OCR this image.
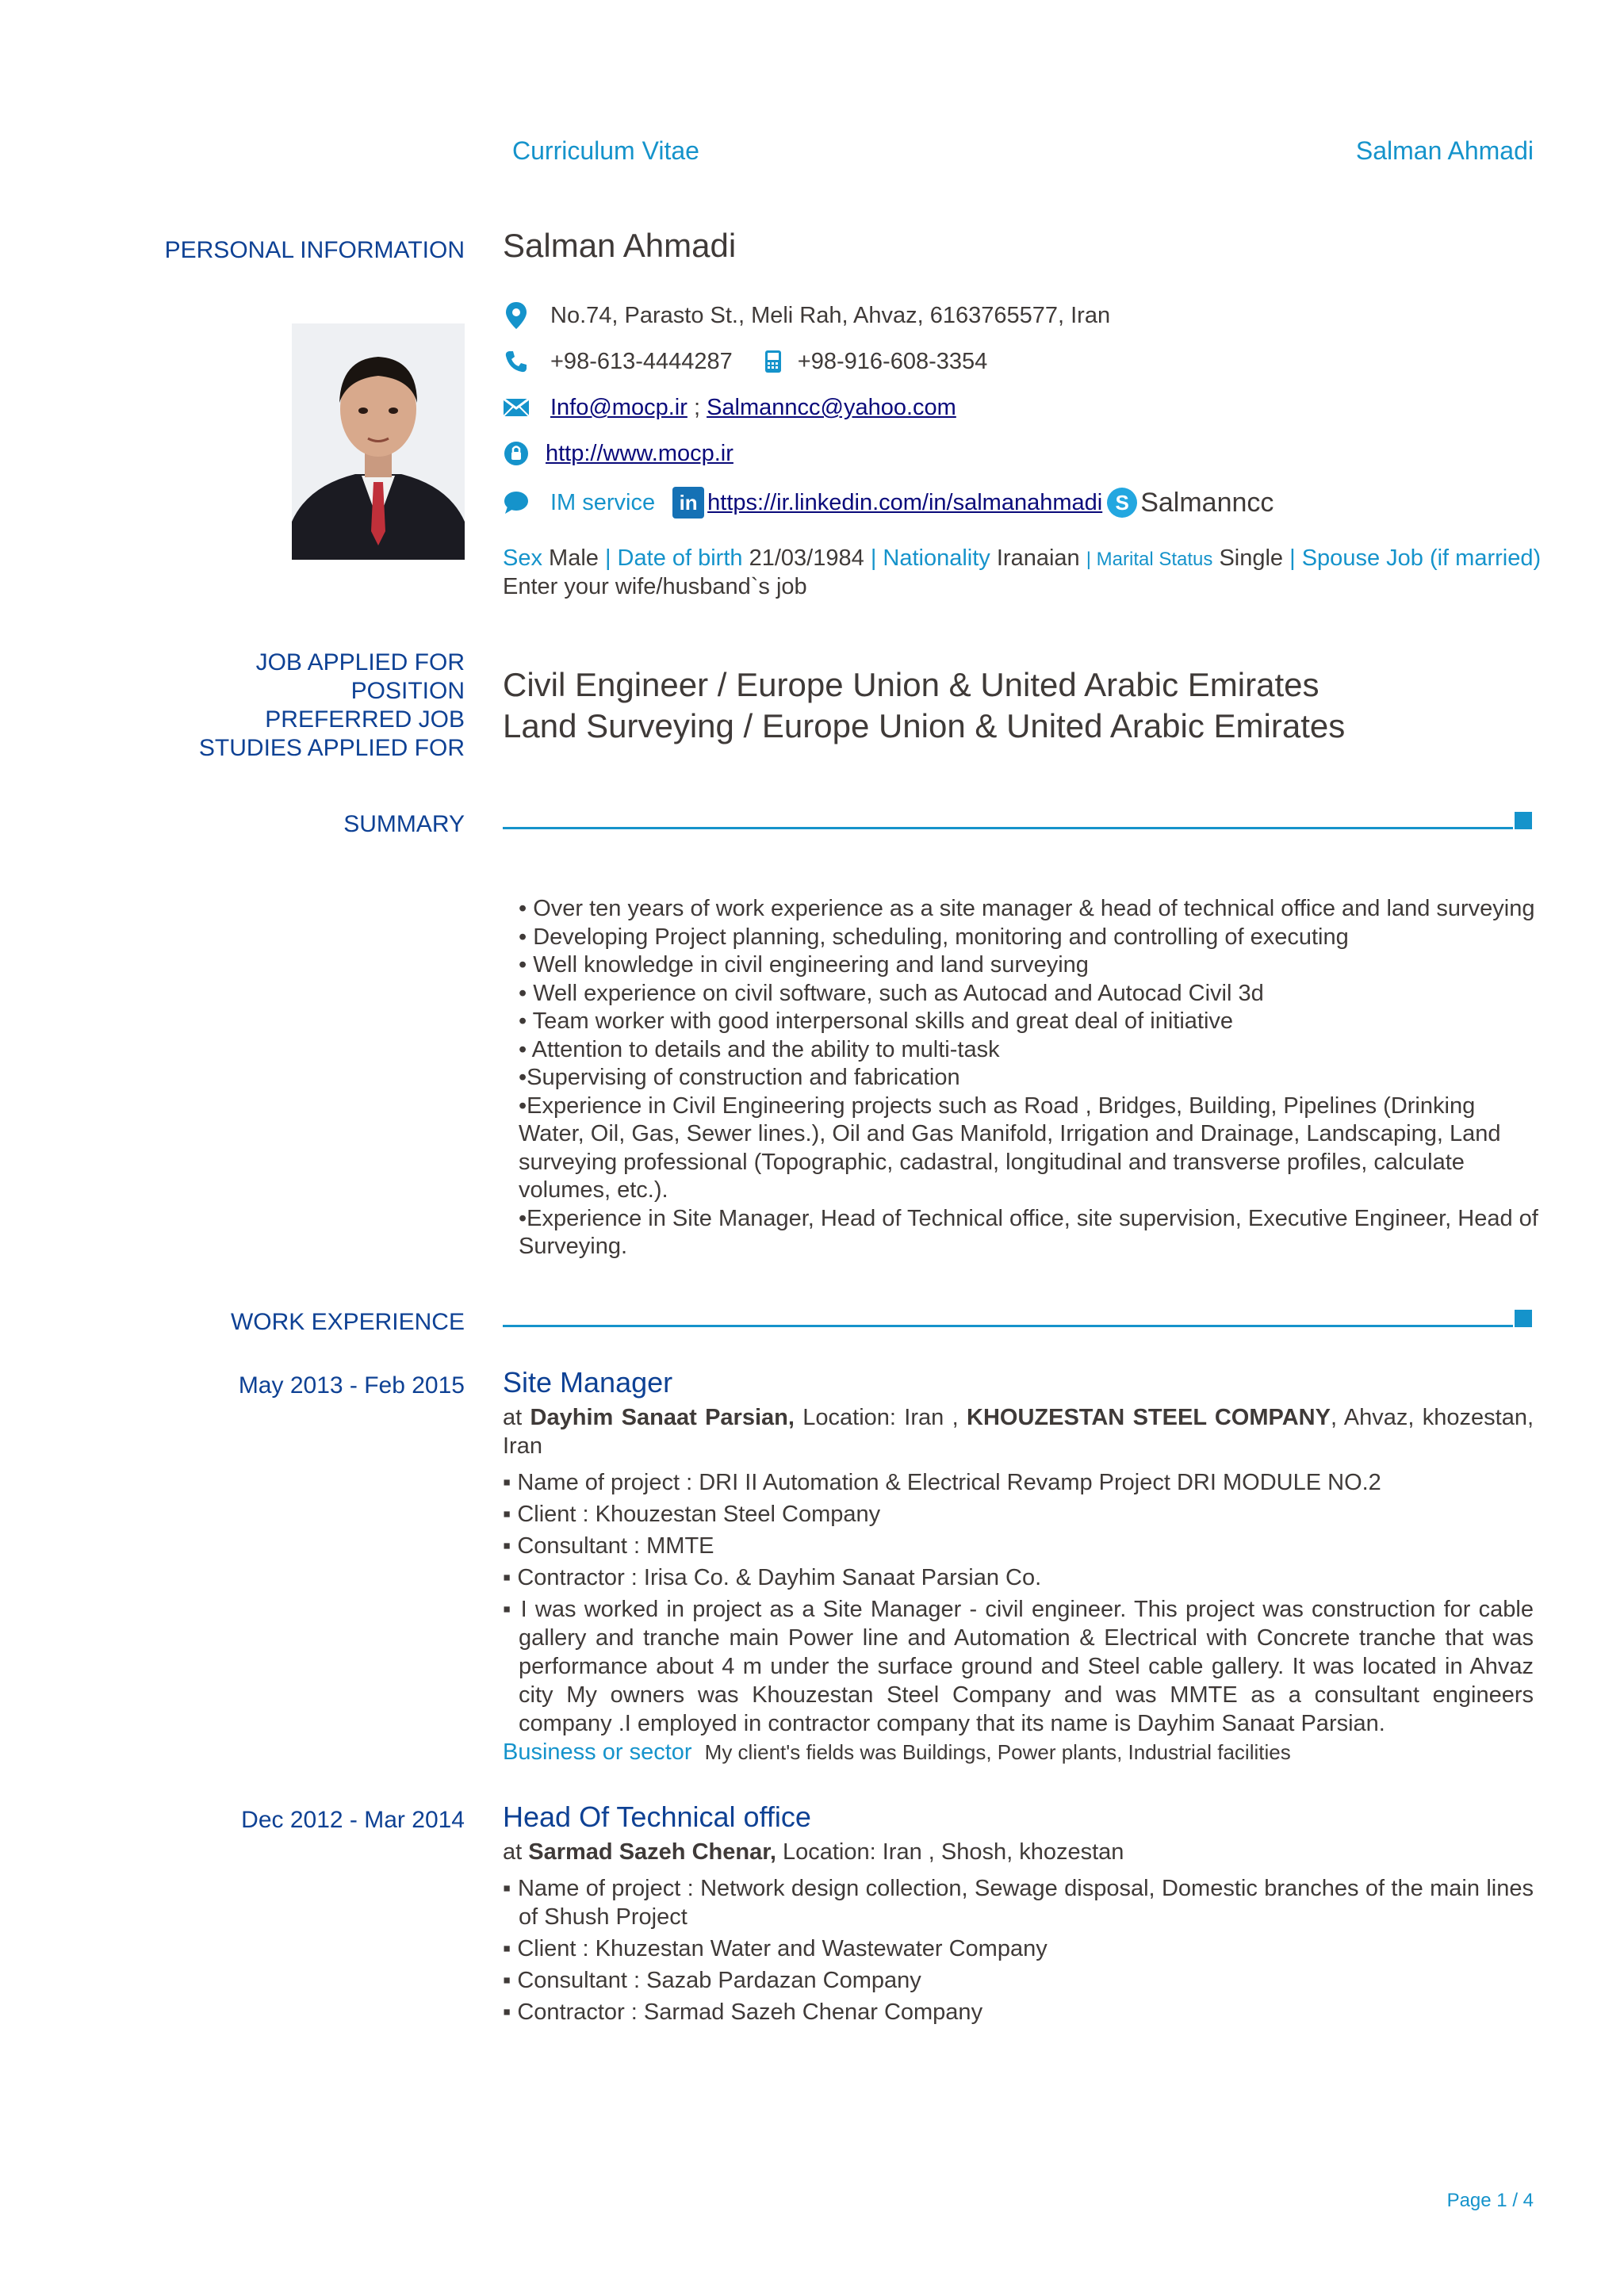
Curriculum Vitae	Salman Ahmadi
PERSONAL INFORMATION Salman Ahmadi
No.74, Parasto St., Meli Rah, Ahvaz, 6163765577, Iran
+98-613-4444287	+98-916-608-3354
Info@mocp.ir ; Salmanncc@yahoo.com
http://www.mocp.ir
IM service	in https://ir.linkedin.com/in/salmanahmadi S Salmanncc
Sex Male | Date of birth 21/03/1984 | Nationality Iranaian | Marital Status Single | Spouse Job (if married)
Enter your wife/husband`s job
JOB APPLIED FOR
POSITION
PREFERRED JOB
STUDIES APPLIED FOR
Civil Engineer / Europe Union & United Arabic Emirates
Land Surveying / Europe Union & United Arabic Emirates
SUMMARY
• Over ten years of work experience as a site manager & head of technical office and land surveying
• Developing Project planning, scheduling, monitoring and controlling of executing
• Well knowledge in civil engineering and land surveying
• Well experience on civil software, such as Autocad and Autocad Civil 3d
• Team worker with good interpersonal skills and great deal of initiative
• Attention to details and the ability to multi-task
•Supervising of construction and fabrication
•Experience in Civil Engineering projects such as Road , Bridges, Building, Pipelines (Drinking Water, Oil, Gas, Sewer lines.), Oil and Gas Manifold, Irrigation and Drainage, Landscaping, Land surveying professional (Topographic, cadastral, longitudinal and transverse profiles, calculate volumes, etc.).
•Experience in Site Manager, Head of Technical office, site supervision, Executive Engineer, Head of Surveying.
WORK EXPERIENCE
May 2013 - Feb 2015 Site Manager
at Dayhim Sanaat Parsian, Location: Iran , KHOUZESTAN STEEL COMPANY, Ahvaz, khozestan, Iran
▪ Name of project : DRI II Automation & Electrical Revamp Project DRI MODULE NO.2
▪ Client : Khouzestan Steel Company
▪ Consultant : MMTE
▪ Contractor : Irisa Co. & Dayhim Sanaat Parsian Co.
▪ I was worked in project as a Site Manager - civil engineer. This project was construction for cable gallery and tranche main Power line and Automation & Electrical with Concrete tranche that was performance about 4 m under the surface ground and Steel cable gallery. It was located in Ahvaz city My owners was Khouzestan Steel Company and was MMTE as a consultant engineers company .I employed in contractor company that its name is Dayhim Sanaat Parsian.
Business or sector My client's fields was Buildings, Power plants, Industrial facilities
Dec 2012 - Mar 2014 Head Of Technical office
at Sarmad Sazeh Chenar, Location: Iran , Shosh, khozestan
▪ Name of project : Network design collection, Sewage disposal, Domestic branches of the main lines of Shush Project
▪ Client : Khuzestan Water and Wastewater Company
▪ Consultant : Sazab Pardazan Company
▪ Contractor : Sarmad Sazeh Chenar Company
Page 1 / 4
